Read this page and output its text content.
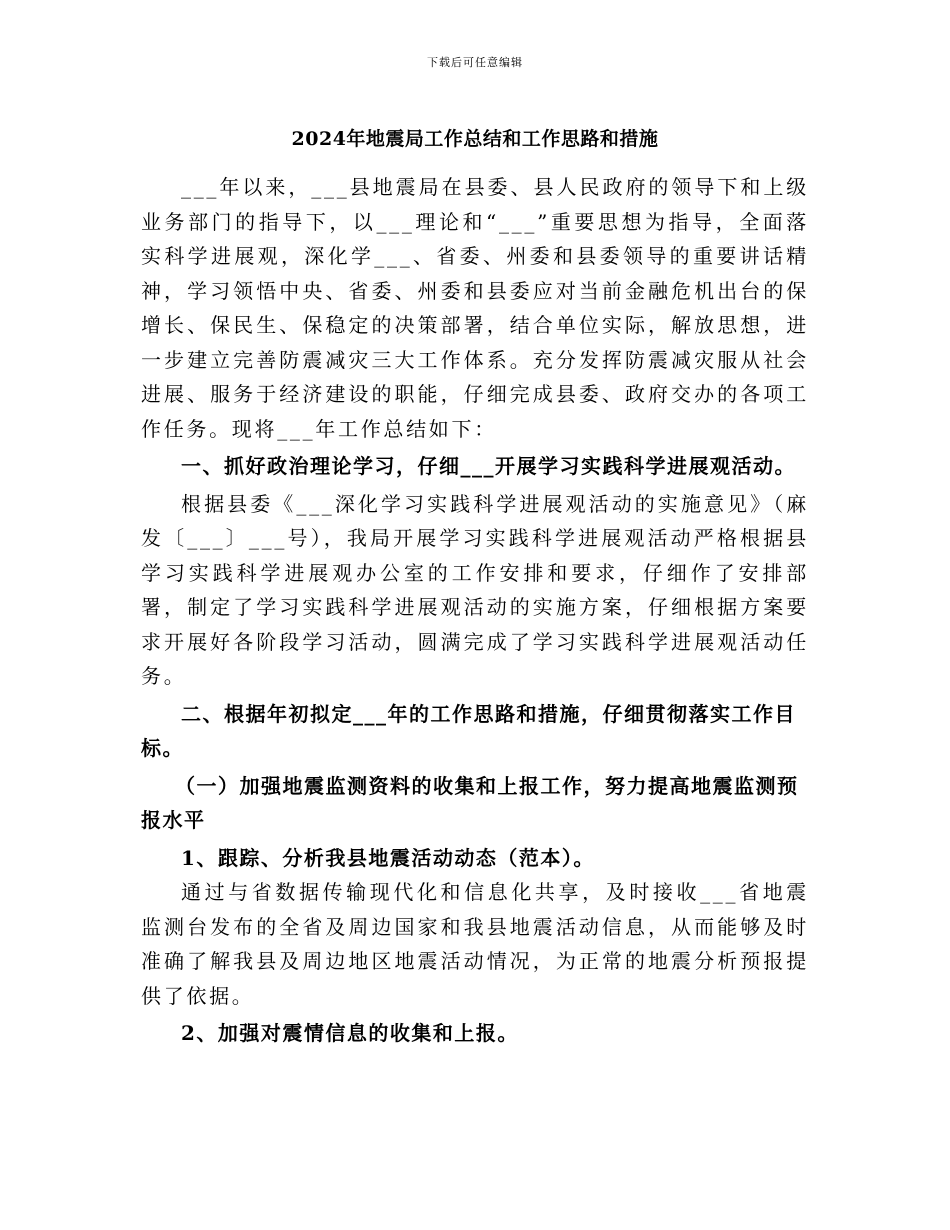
下载后可任意编辑
2024年地震局工作总结和工作思路和措施

___年以来，___县地震局在县委、县人民政府的领导下和上级业务部门的指导下，以___理论和“___”重要思想为指导，全面落实科学进展观，深化学___、省委、州委和县委领导的重要讲话精神，学习领悟中央、省委、州委和县委应对当前金融危机出台的保增长、保民生、保稳定的决策部署，结合单位实际，解放思想，进一步建立完善防震减灾三大工作体系。充分发挥防震减灾服从社会进展、服务于经济建设的职能，仔细完成县委、政府交办的各项工作任务。现将___年工作总结如下：

一、抓好政治理论学习，仔细___开展学习实践科学进展观活动。

根据县委《___深化学习实践科学进展观活动的实施意见》（麻发〔___〕___号），我局开展学习实践科学进展观活动严格根据县学习实践科学进展观办公室的工作安排和要求，仔细作了安排部署，制定了学习实践科学进展观活动的实施方案，仔细根据方案要求开展好各阶段学习活动，圆满完成了学习实践科学进展观活动任务。

二、根据年初拟定___年的工作思路和措施，仔细贯彻落实工作目标。

（一）加强地震监测资料的收集和上报工作，努力提高地震监测预报水平

1、跟踪、分析我县地震活动动态（范本）。

通过与省数据传输现代化和信息化共享，及时接收___省地震监测台发布的全省及周边国家和我县地震活动信息，从而能够及时准确了解我县及周边地区地震活动情况，为正常的地震分析预报提供了依据。

2、加强对震情信息的收集和上报。
